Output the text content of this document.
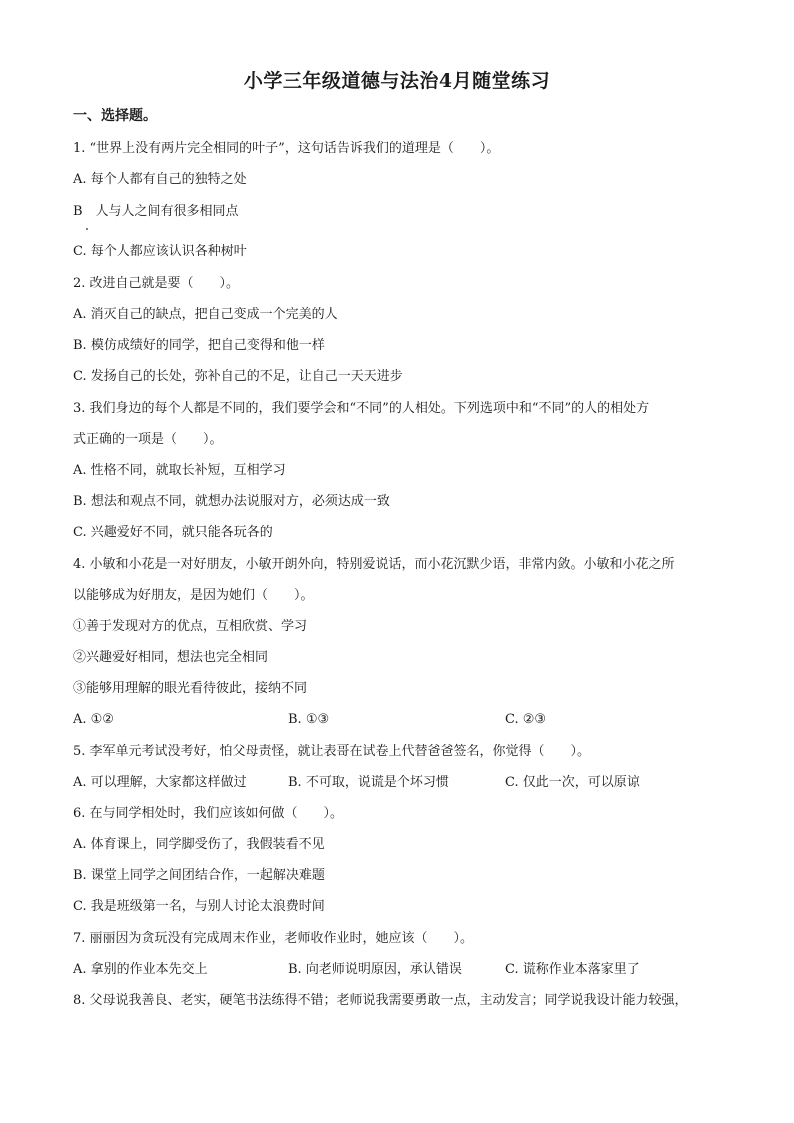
小学三年级道德与法治4月随堂练习
一、选择题。
1. “世界上没有两片完全相同的叶子”，这句话告诉我们的道理是（　　）。
A. 每个人都有自己的独特之处
B　人与人之间有很多相同点
C. 每个人都应该认识各种树叶
2. 改进自己就是要（　　）。
A. 消灭自己的缺点，把自己变成一个完美的人
B. 模仿成绩好的同学，把自己变得和他一样
C. 发扬自己的长处，弥补自己的不足，让自己一天天进步
3. 我们身边的每个人都是不同的，我们要学会和“不同”的人相处。下列选项中和“不同”的人的相处方
式正确的一项是（　　）。
A. 性格不同，就取长补短，互相学习
B. 想法和观点不同，就想办法说服对方，必须达成一致
C. 兴趣爱好不同，就只能各玩各的
4. 小敏和小花是一对好朋友，小敏开朗外向，特别爱说话，而小花沉默少语，非常内敛。小敏和小花之所
以能够成为好朋友，是因为她们（　　）。
①善于发现对方的优点，互相欣赏、学习
②兴趣爱好相同，想法也完全相同
③能够用理解的眼光看待彼此，接纳不同
A. ①②	B. ①③	C. ②③
5. 李军单元考试没考好，怕父母责怪，就让表哥在试卷上代替爸爸签名，你觉得（　　）。
A. 可以理解，大家都这样做过	B. 不可取，说谎是个坏习惯	C. 仅此一次，可以原谅
6. 在与同学相处时，我们应该如何做（　　）。
A. 体育课上，同学脚受伤了，我假装看不见
B. 课堂上同学之间团结合作，一起解决难题
C. 我是班级第一名，与别人讨论太浪费时间
7. 丽丽因为贪玩没有完成周末作业，老师收作业时，她应该（　　）。
A. 拿别的作业本先交上	B. 向老师说明原因，承认错误	C. 谎称作业本落家里了
8. 父母说我善良、老实，硬笔书法练得不错；老师说我需要勇敢一点，主动发言；同学说我设计能力较强，
